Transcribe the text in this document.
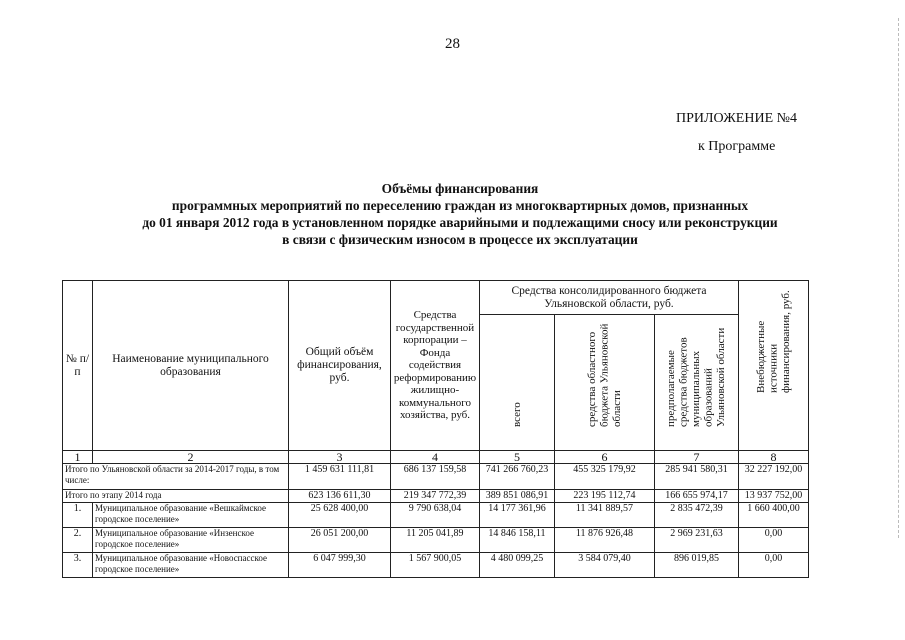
28
ПРИЛОЖЕНИЕ №4
к Программе
Объёмы финансирования
программных мероприятий по переселению граждан из многоквартирных домов, признанных
до 01 января 2012 года в установленном порядке аварийными и подлежащими сносу или реконструкции
в связи с физическим износом в процессе их эксплуатации
№ п/п	Наименование муниципального образования	Общий объём финансирования, руб.	Средства государственной корпорации – Фонда содействия реформированию жилищно-коммунального хозяйства, руб.	Средства консолидированного бюджета Ульяновской области, руб.			Внебюджетные источники финансирования, руб.

				всего	средства областного бюджета Ульяновской области	предполагаемые средства бюджетов муниципальных образований Ульяновской области	

1	2	3	4	5	6	7	8
Итого по Ульяновской области за 2014-2017 годы, в том числе:		1 459 631 111,81	686 137 159,58	741 266 760,23	455 325 179,92	285 941 580,31	32 227 192,00
Итого по этапу 2014 года		623 136 611,30	219 347 772,39	389 851 086,91	223 195 112,74	166 655 974,17	13 937 752,00
1.	Муниципальное образование «Вешкаймское городское поселение»	25 628 400,00	9 790 638,04	14 177 361,96	11 341 889,57	2 835 472,39	1 660 400,00
2.	Муниципальное образование «Инзенское городское поселение»	26 051 200,00	11 205 041,89	14 846 158,11	11 876 926,48	2 969 231,63	0,00
3.	Муниципальное образование «Новоспасское городское поселение»	6 047 999,30	1 567 900,05	4 480 099,25	3 584 079,40	896 019,85	0,00
